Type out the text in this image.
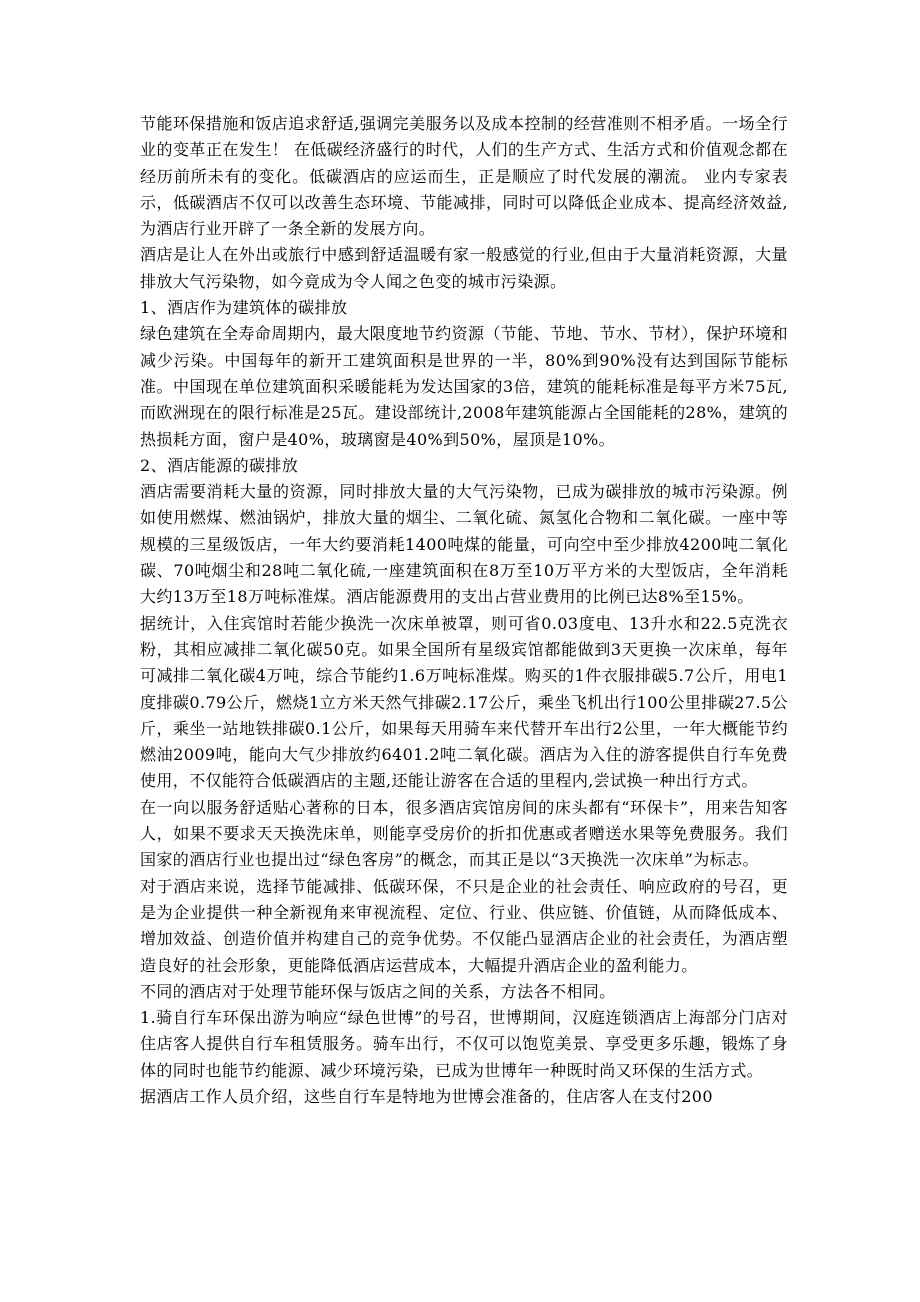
节能环保措施和饭店追求舒适,强调完美服务以及成本控制的经营准则不相矛盾。一场全行业的变革正在发生！ 在低碳经济盛行的时代，人们的生产方式、生活方式和价值观念都在经历前所未有的变化。低碳酒店的应运而生，正是顺应了时代发展的潮流。 业内专家表示，低碳酒店不仅可以改善生态环境、节能减排，同时可以降低企业成本、提高经济效益,为酒店行业开辟了一条全新的发展方向。

酒店是让人在外出或旅行中感到舒适温暖有家一般感觉的行业,但由于大量消耗资源，大量排放大气污染物，如今竟成为令人闻之色变的城市污染源。

1、酒店作为建筑体的碳排放

绿色建筑在全寿命周期内，最大限度地节约资源（节能、节地、节水、节材），保护环境和减少污染。中国每年的新开工建筑面积是世界的一半，80%到90%没有达到国际节能标准。中国现在单位建筑面积采暖能耗为发达国家的3倍，建筑的能耗标准是每平方米75瓦,而欧洲现在的限行标准是25瓦。建设部统计,2008年建筑能源占全国能耗的28%，建筑的热损耗方面，窗户是40%，玻璃窗是40%到50%，屋顶是10%。

2、酒店能源的碳排放

酒店需要消耗大量的资源，同时排放大量的大气污染物，已成为碳排放的城市污染源。例如使用燃煤、燃油锅炉，排放大量的烟尘、二氧化硫、氮氢化合物和二氧化碳。一座中等规模的三星级饭店，一年大约要消耗1400吨煤的能量，可向空中至少排放4200吨二氧化碳、70吨烟尘和28吨二氧化硫,一座建筑面积在8万至10万平方米的大型饭店，全年消耗大约13万至18万吨标准煤。酒店能源费用的支出占营业费用的比例已达8%至15%。

据统计，入住宾馆时若能少换洗一次床单被罩，则可省0.03度电、13升水和22.5克洗衣粉，其相应减排二氧化碳50克。如果全国所有星级宾馆都能做到3天更换一次床单，每年可减排二氧化碳4万吨，综合节能约1.6万吨标准煤。购买的1件衣服排碳5.7公斤，用电1度排碳0.79公斤，燃烧1立方米天然气排碳2.17公斤，乘坐飞机出行100公里排碳27.5公斤，乘坐一站地铁排碳0.1公斤，如果每天用骑车来代替开车出行2公里，一年大概能节约燃油2009吨，能向大气少排放约6401.2吨二氧化碳。酒店为入住的游客提供自行车免费使用，不仅能符合低碳酒店的主题,还能让游客在合适的里程内,尝试换一种出行方式。

在一向以服务舒适贴心著称的日本，很多酒店宾馆房间的床头都有“环保卡”，用来告知客人，如果不要求天天换洗床单，则能享受房价的折扣优惠或者赠送水果等免费服务。我们国家的酒店行业也提出过“绿色客房”的概念，而其正是以“3天换洗一次床单”为标志。

对于酒店来说，选择节能减排、低碳环保，不只是企业的社会责任、响应政府的号召，更是为企业提供一种全新视角来审视流程、定位、行业、供应链、价值链，从而降低成本、增加效益、创造价值并构建自己的竞争优势。不仅能凸显酒店企业的社会责任，为酒店塑造良好的社会形象，更能降低酒店运营成本，大幅提升酒店企业的盈利能力。

不同的酒店对于处理节能环保与饭店之间的关系，方法各不相同。

1.骑自行车环保出游为响应“绿色世博”的号召，世博期间，汉庭连锁酒店上海部分门店对住店客人提供自行车租赁服务。骑车出行，不仅可以饱览美景、享受更多乐趣，锻炼了身体的同时也能节约能源、减少环境污染，已成为世博年一种既时尚又环保的生活方式。

据酒店工作人员介绍，这些自行车是特地为世博会准备的，住店客人在支付200
